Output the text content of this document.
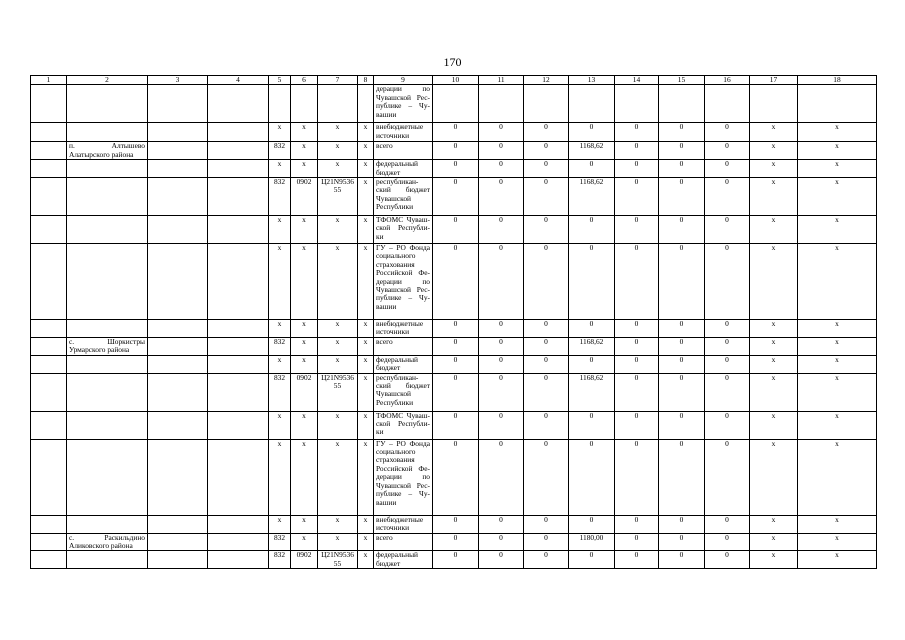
170
1	2	3	4	5	6	7	8	9	10	11	12	13	14	15	16	17	18
								дерации по Чувашской Рес-публике – Чу-вашии									
				х	х	х	х	внебюджетные источники	0	0	0	0	0	0	0	х	х
	п. Алтышево Алатырского района			832	х	х	х	всего	0	0	0	1168,62	0	0	0	х	х
				х	х	х	х	федеральный бюджет	0	0	0	0	0	0	0	х	х
				832	0902	Ц21N9536 55	х	республикан-ский бюджет Чувашской Республики	0	0	0	1168,62	0	0	0	х	х
				х	х	х	х	ТФОМС Чуваш-ской Республи-ки	0	0	0	0	0	0	0	х	х
				х	х	х	х	ГУ – РО Фонда социального страхования Российской Фе-дерации по Чувашской Рес-публике – Чу-вашии	0	0	0	0	0	0	0	х	х
				х	х	х	х	внебюджетные источники	0	0	0	0	0	0	0	х	х
	с. Шоркистры Урмарского района			832	х	х	х	всего	0	0	0	1168,62	0	0	0	х	х
				х	х	х	х	федеральный бюджет	0	0	0	0	0	0	0	х	х
				832	0902	Ц21N9536 55	х	республикан-ский бюджет Чувашской Республики	0	0	0	1168,62	0	0	0	х	х
				х	х	х	х	ТФОМС Чуваш-ской Республи-ки	0	0	0	0	0	0	0	х	х
				х	х	х	х	ГУ – РО Фонда социального страхования Российской Фе-дерации по Чувашской Рес-публике – Чу-вашии	0	0	0	0	0	0	0	х	х
				х	х	х	х	внебюджетные источники	0	0	0	0	0	0	0	х	х
	с. Раскильдино Аликовского района			832	х	х	х	всего	0	0	0	1180,00	0	0	0	х	х
				832	0902	Ц21N9536 55	х	федеральный бюджет	0	0	0	0	0	0	0	х	х
